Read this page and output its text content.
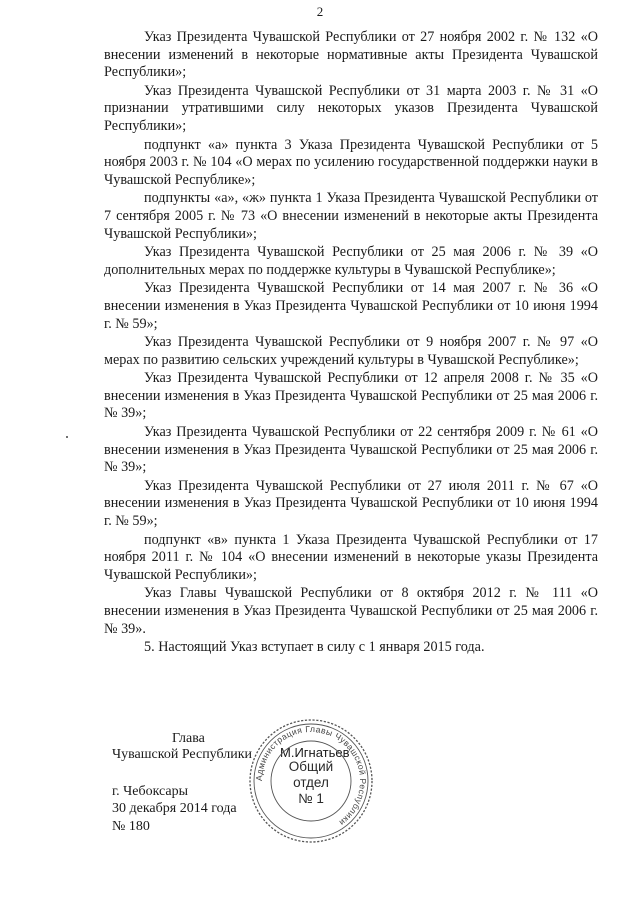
2

Указ Президента Чувашской Республики от 27 ноября 2002 г. № 132 «О внесении изменений в некоторые нормативные акты Президента Чувашской Республики»;

Указ Президента Чувашской Республики от 31 марта 2003 г. № 31 «О признании утратившими силу некоторых указов Президента Чувашской Республики»;

подпункт «а» пункта 3 Указа Президента Чувашской Республики от 5 ноября 2003 г. № 104 «О мерах по усилению государственной поддержки науки в Чувашской Республике»;

подпункты «а», «ж» пункта 1 Указа Президента Чувашской Республики от 7 сентября 2005 г. № 73 «О внесении изменений в некоторые акты Президента Чувашской Республики»;

Указ Президента Чувашской Республики от 25 мая 2006 г. № 39 «О дополнительных мерах по поддержке культуры в Чувашской Республике»;

Указ Президента Чувашской Республики от 14 мая 2007 г. № 36 «О внесении изменения в Указ Президента Чувашской Республики от 10 июня 1994 г. № 59»;

Указ Президента Чувашской Республики от 9 ноября 2007 г. № 97 «О мерах по развитию сельских учреждений культуры в Чувашской Республике»;

Указ Президента Чувашской Республики от 12 апреля 2008 г. № 35 «О внесении изменения в Указ Президента Чувашской Республики от 25 мая 2006 г. № 39»;

Указ Президента Чувашской Республики от 22 сентября 2009 г. № 61 «О внесении изменения в Указ Президента Чувашской Республики от 25 мая 2006 г. № 39»;

Указ Президента Чувашской Республики от 27 июля 2011 г. № 67 «О внесении изменения в Указ Президента Чувашской Республики от 10 июня 1994 г. № 59»;

подпункт «в» пункта 1 Указа Президента Чувашской Республики от 17 ноября 2011 г. № 104 «О внесении изменений в некоторые указы Президента Чувашской Республики»;

Указ Главы Чувашской Республики от 8 октября 2012 г. № 111 «О внесении изменения в Указ Президента Чувашской Республики от 25 мая 2006 г. № 39».

5. Настоящий Указ вступает в силу с 1 января 2015 года.

Глава
Чувашской Республики М.Игнатьев
Администрация Главы Чувашской Республики
Общий
отдел
№ 1
г. Чебоксары
30 декабря 2014 года
№ 180
